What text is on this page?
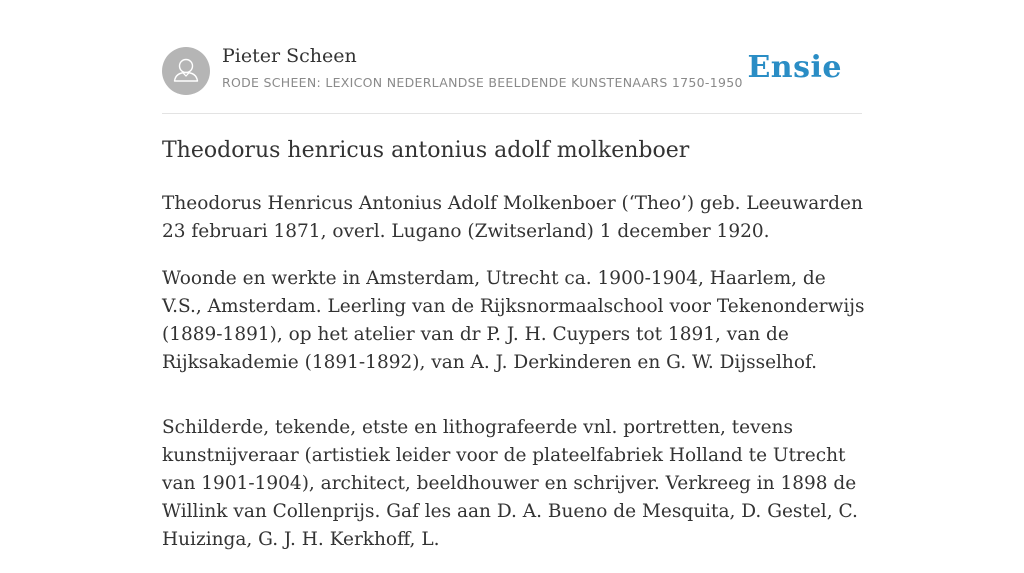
Pieter Scheen
RODE SCHEEN: LEXICON NEDERLANDSE BEELDENDE KUNSTENAARS 1750-1950 Ensie
Theodorus henricus antonius adolf molkenboer

Theodorus Henricus Antonius Adolf Molkenboer (‘Theo’) geb. Leeuwarden 23 februari 1871, overl. Lugano (Zwitserland) 1 december 1920.

Woonde en werkte in Amsterdam, Utrecht ca. 1900-1904, Haarlem, de V.S., Amsterdam. Leerling van de Rijksnormaalschool voor Tekenonderwijs (1889-1891), op het atelier van dr P. J. H. Cuypers tot 1891, van de Rijksakademie (1891-1892), van A. J. Derkinderen en G. W. Dijsselhof.

Schilderde, tekende, etste en lithografeerde vnl. portretten, tevens kunstnijveraar (artistiek leider voor de plateelfabriek Holland te Utrecht van 1901-1904), architect, beeldhouwer en schrijver. Verkreeg in 1898 de Willink van Collenprijs. Gaf les aan D. A. Bueno de Mesquita, D. Gestel, C. Huizinga, G. J. H. Kerkhoff, L.
